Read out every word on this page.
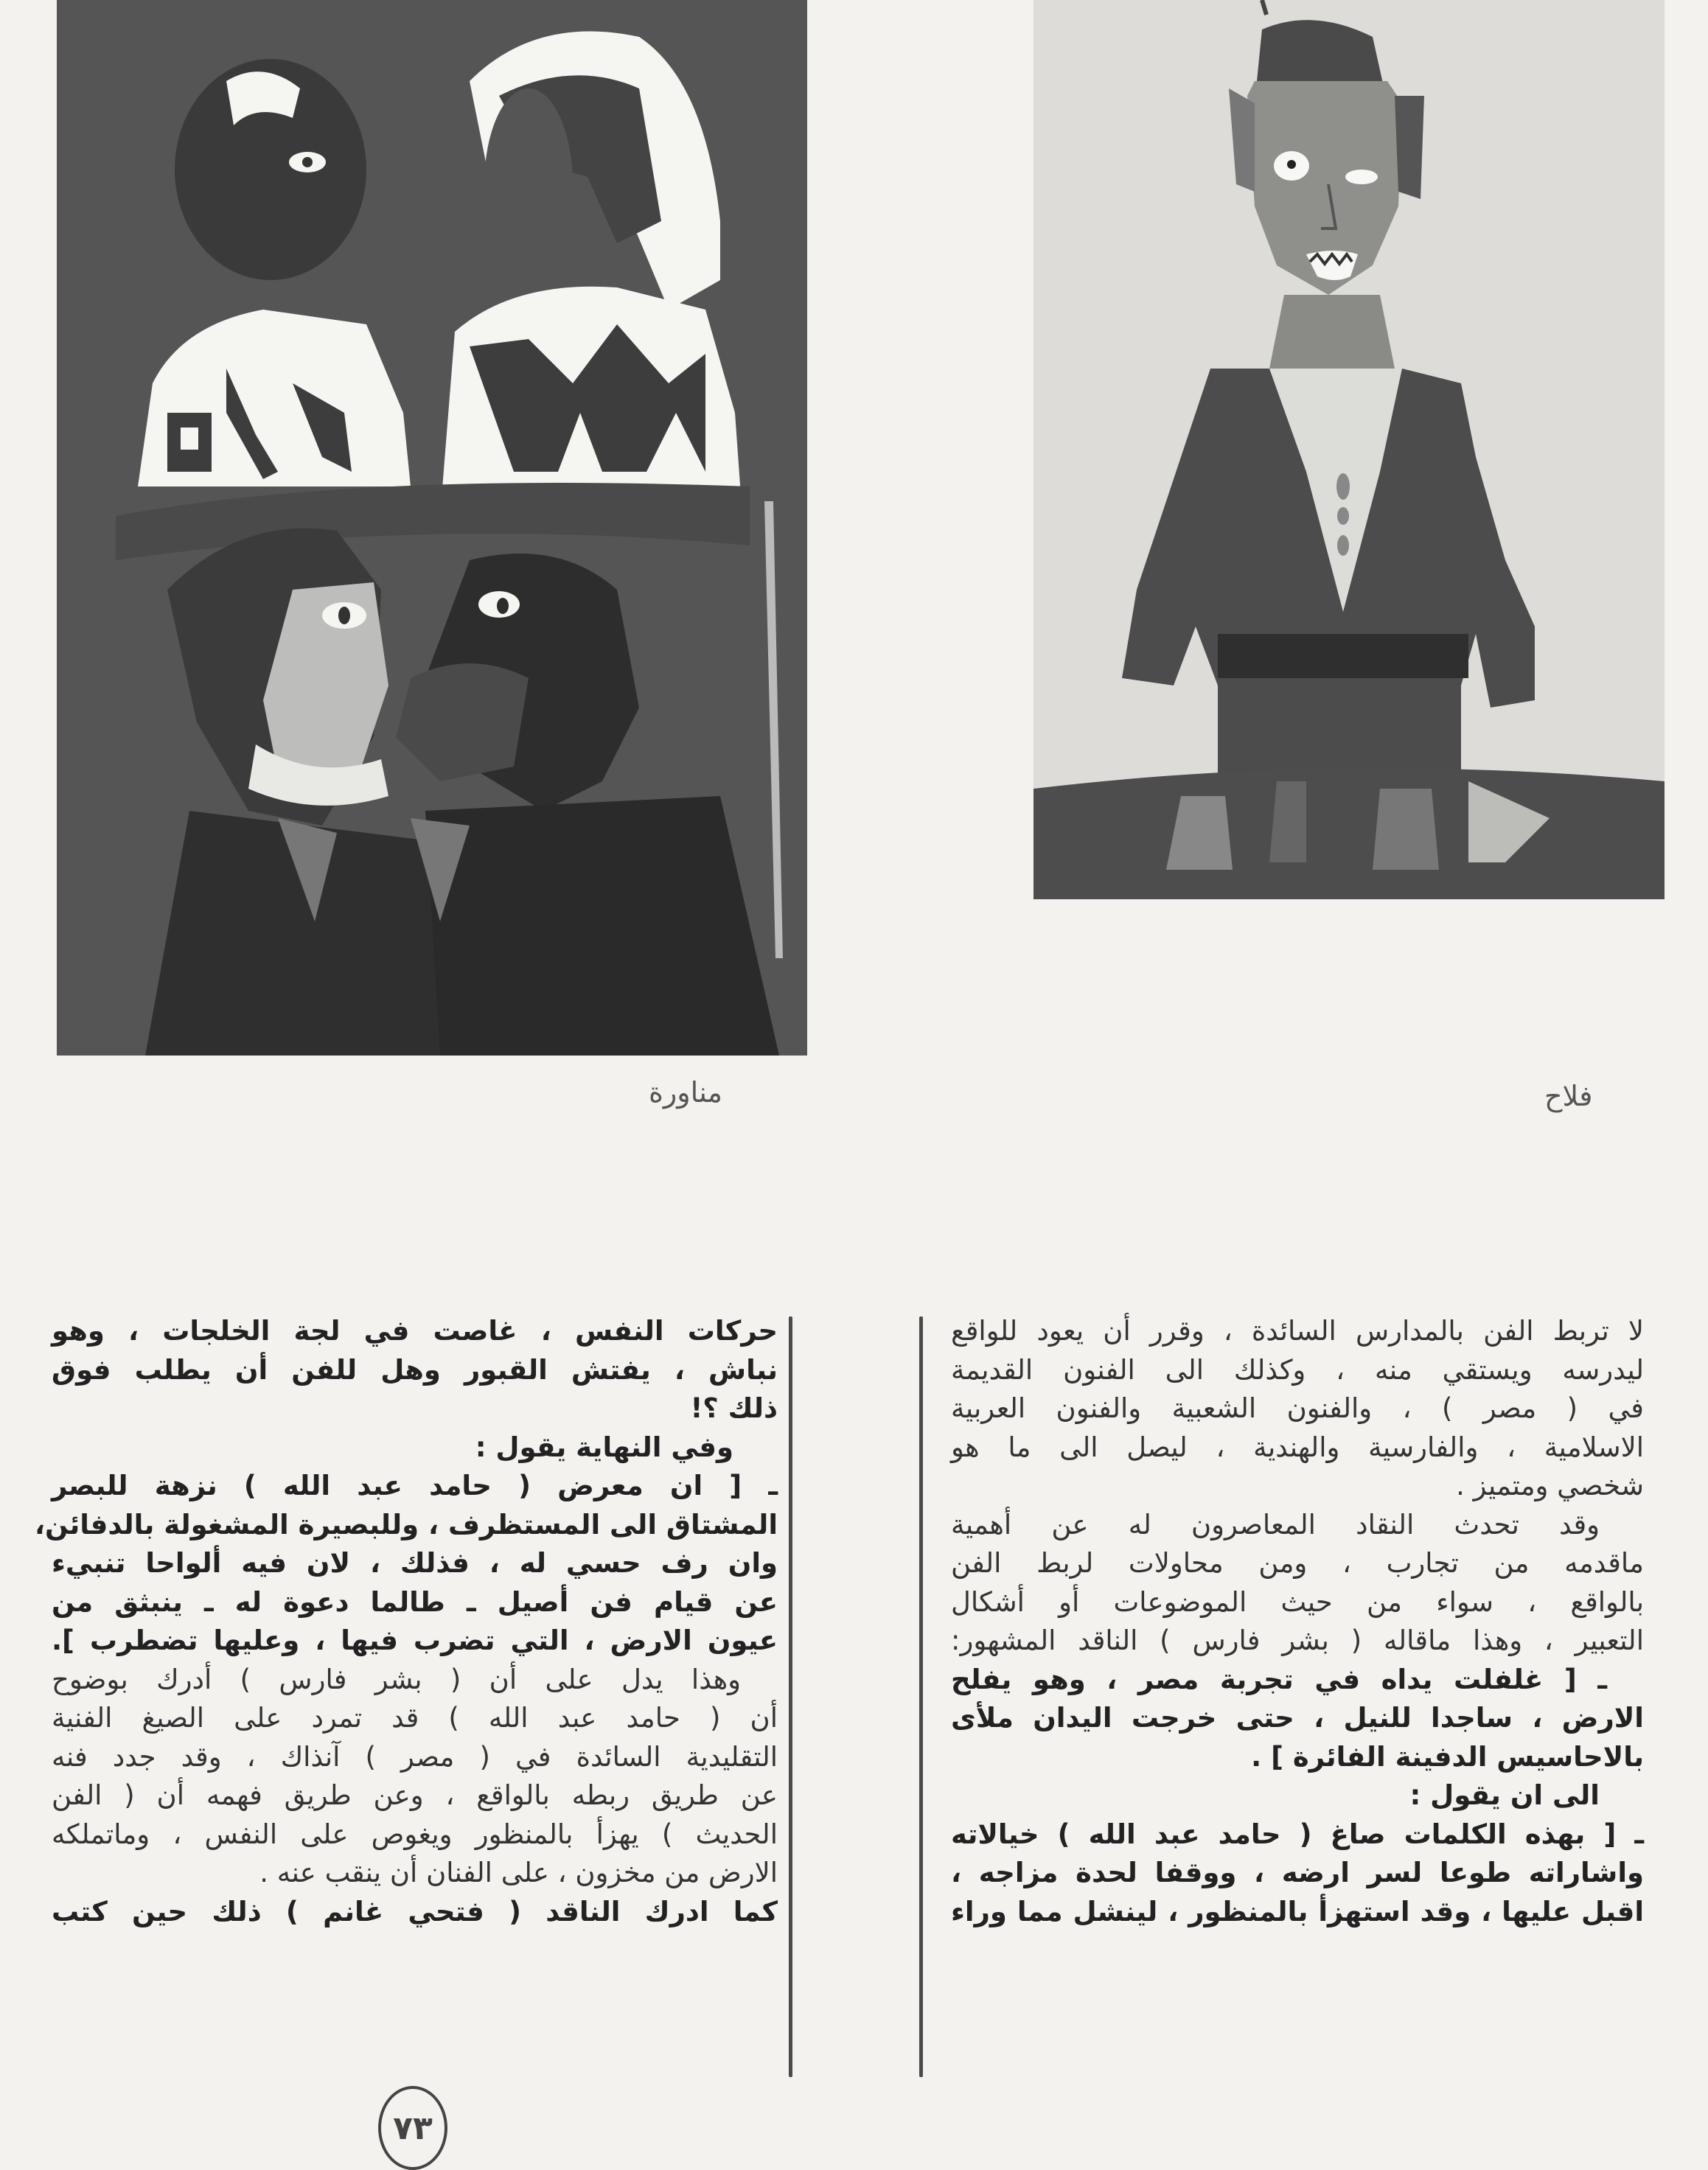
مناورة	فلاح

لا تربط الفن بالمدارس السائدة ، وقرر أن يعود للواقع
ليدرسه ويستقي منه ، وكذلك الى الفنون القديمة
في ( مصر ) ، والفنون الشعبية والفنون العربية
الاسلامية ، والفارسية والهندية ، ليصل الى ما هو
شخصي ومتميز .

وقد تحدث النقاد المعاصرون له عن أهمية
ماقدمه من تجارب ، ومن محاولات لربط الفن
بالواقع ، سواء من حيث الموضوعات أو أشكال
التعبير ، وهذا ماقاله ( بشر فارس ) الناقد المشهور:

ـ [ غلفلت يداه في تجربة مصر ، وهو يفلح
الارض ، ساجدا للنيل ، حتى خرجت اليدان ملأى
بالاحاسيس الدفينة الفائرة ] .

الى ان يقول :

ـ [ بهذه الكلمات صاغ ( حامد عبد الله ) خيالاته
واشاراته طوعا لسر ارضه ، ووقفا لحدة مزاجه ،
اقبل عليها ، وقد استهزأ بالمنظور ، لينشل مما وراء

حركات النفس ، غاصت في لجة الخلجات ، وهو
نباش ، يفتش القبور وهل للفن أن يطلب فوق
ذلك ؟!

وفي النهاية يقول :

ـ [ ان معرض ( حامد عبد الله ) نزهة للبصر
المشتاق الى المستظرف ، وللبصيرة المشغولة بالدفائن،
وان رف حسي له ، فذلك ، لان فيه ألواحا تنبيء
عن قيام فن أصيل ـ طالما دعوة له ـ ينبثق من
عيون الارض ، التي تضرب فيها ، وعليها تضطرب ].

وهذا يدل على أن ( بشر فارس ) أدرك بوضوح
أن ( حامد عبد الله ) قد تمرد على الصيغ الفنية
التقليدية السائدة في ( مصر ) آنذاك ، وقد جدد فنه
عن طريق ربطه بالواقع ، وعن طريق فهمه أن ( الفن
الحديث ) يهزأ بالمنظور ويغوص على النفس ، وماتملكه
الارض من مخزون ، على الفنان أن ينقب عنه .

كما ادرك الناقد ( فتحي غانم ) ذلك حين كتب

٧٣
